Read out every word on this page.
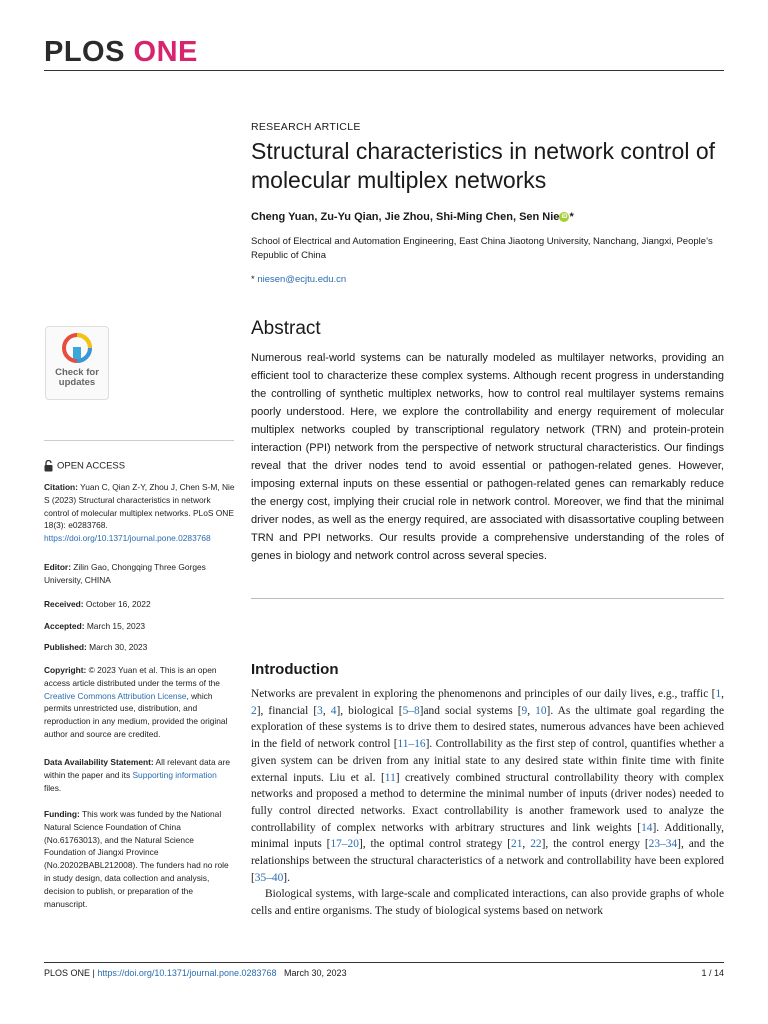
PLOS ONE
RESEARCH ARTICLE
Structural characteristics in network control of molecular multiplex networks
Cheng Yuan, Zu-Yu Qian, Jie Zhou, Shi-Ming Chen, Sen Nie iD *
School of Electrical and Automation Engineering, East China Jiaotong University, Nanchang, Jiangxi, People’s Republic of China
* niesen@ecjtu.edu.cn
Abstract

Numerous real-world systems can be naturally modeled as multilayer networks, providing an efficient tool to characterize these complex systems. Although recent progress in understanding the controlling of synthetic multiplex networks, how to control real multilayer systems remains poorly understood. Here, we explore the controllability and energy requirement of molecular multiplex networks coupled by transcriptional regulatory network (TRN) and protein-protein interaction (PPI) network from the perspective of network structural characteristics. Our findings reveal that the driver nodes tend to avoid essential or pathogen-related genes. However, imposing external inputs on these essential or pathogen-related genes can remarkably reduce the energy cost, implying their crucial role in network control. Moreover, we find that the minimal driver nodes, as well as the energy required, are associated with disassortative coupling between TRN and PPI networks. Our results provide a comprehensive understanding of the roles of genes in biology and network control across several species.

Introduction

Networks are prevalent in exploring the phenomenons and principles of our daily lives, e.g., traffic [1, 2], financial [3, 4], biological [5–8]and social systems [9, 10]. As the ultimate goal regarding the exploration of these systems is to drive them to desired states, numerous advances have been achieved in the field of network control [11–16]. Controllability as the first step of control, quantifies whether a given system can be driven from any initial state to any desired state within finite time with finite external inputs. Liu et al. [11] creatively combined structural controllability theory with complex networks and proposed a method to determine the minimal number of inputs (driver nodes) needed to fully control directed networks. Exact controllability is another framework used to analyze the controllability of complex networks with arbitrary structures and link weights [14]. Additionally, minimal inputs [17–20], the optimal control strategy [21, 22], the control energy [23–34], and the relationships between the structural characteristics of a network and controllability have been explored [35–40].

Biological systems, with large-scale and complicated interactions, can also provide graphs of whole cells and entire organisms. The study of biological systems based on network

Check for
updates
OPEN ACCESS
Citation: Yuan C, Qian Z-Y, Zhou J, Chen S-M, Nie S (2023) Structural characteristics in network control of molecular multiplex networks. PLoS ONE 18(3): e0283768. https://doi.org/10.1371/journal.pone.0283768
Editor: Zilin Gao, Chongqing Three Gorges University, CHINA
Received: October 16, 2022
Accepted: March 15, 2023
Published: March 30, 2023
Copyright: © 2023 Yuan et al. This is an open access article distributed under the terms of the Creative Commons Attribution License, which permits unrestricted use, distribution, and reproduction in any medium, provided the original author and source are credited.
Data Availability Statement: All relevant data are within the paper and its Supporting information files.
Funding: This work was funded by the National Natural Science Foundation of China (No.61763013), and the Natural Science Foundation of Jiangxi Province (No.20202BABL212008). The funders had no role in study design, data collection and analysis, decision to publish, or preparation of the manuscript.
PLOS ONE | https://doi.org/10.1371/journal.pone.0283768 March 30, 2023	1 / 14
